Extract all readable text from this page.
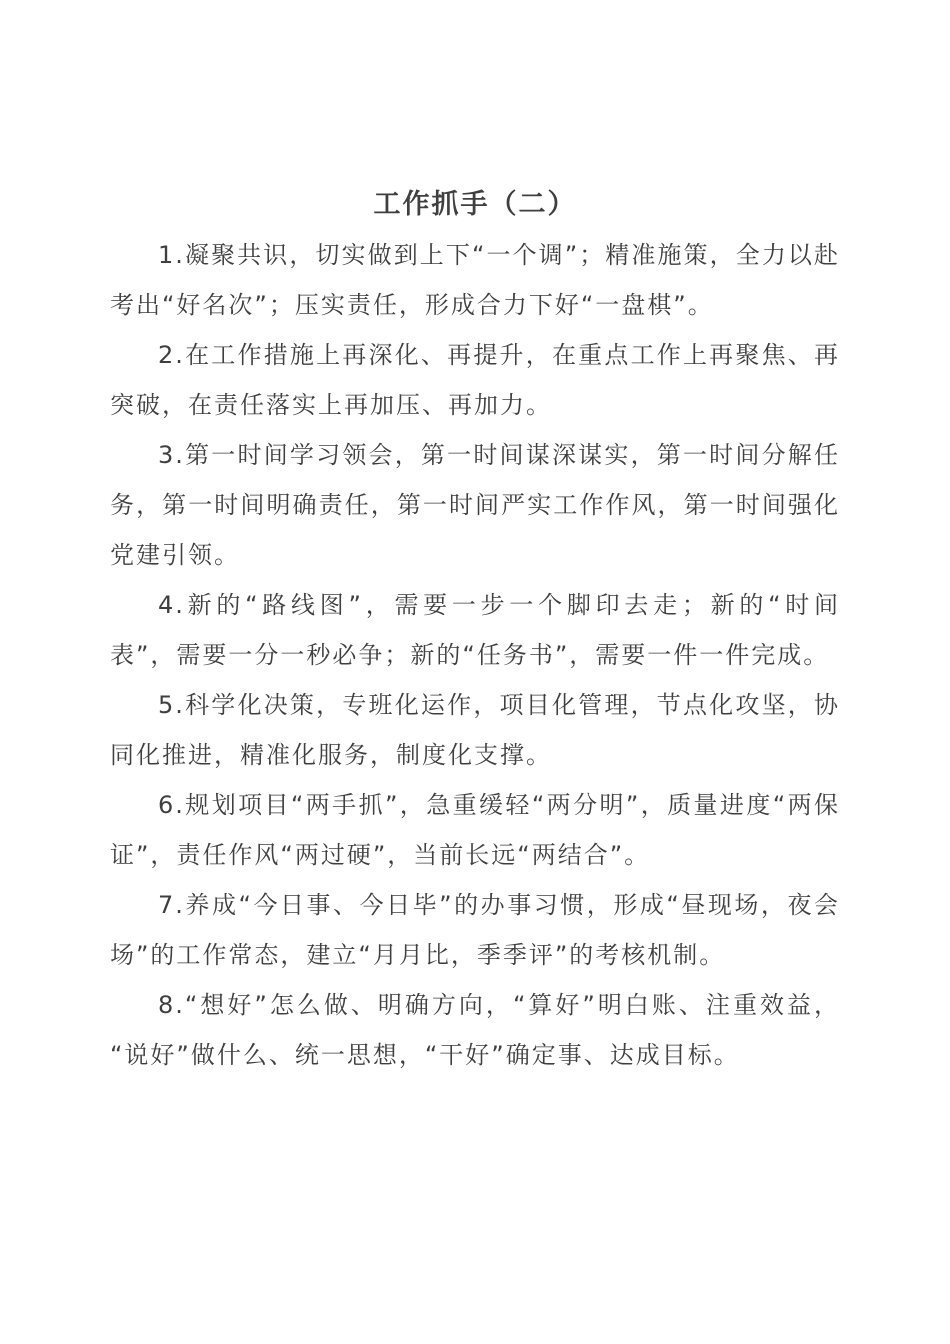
工作抓手（二）

1.凝聚共识，切实做到上下“一个调”；精准施策，全力以赴考出“好名次”；压实责任，形成合力下好“一盘棋”。

2.在工作措施上再深化、再提升，在重点工作上再聚焦、再突破，在责任落实上再加压、再加力。

3.第一时间学习领会，第一时间谋深谋实，第一时间分解任务，第一时间明确责任，第一时间严实工作作风，第一时间强化党建引领。

4.新的“路线图”，需要一步一个脚印去走；新的“时间表”，需要一分一秒必争；新的“任务书”，需要一件一件完成。

5.科学化决策，专班化运作，项目化管理，节点化攻坚，协同化推进，精准化服务，制度化支撑。

6.规划项目“两手抓”，急重缓轻“两分明”，质量进度“两保证”，责任作风“两过硬”，当前长远“两结合”。

7.养成“今日事、今日毕”的办事习惯，形成“昼现场，夜会场”的工作常态，建立“月月比，季季评”的考核机制。

8.“想好”怎么做、明确方向，“算好”明白账、注重效益，“说好”做什么、统一思想，“干好”确定事、达成目标。
